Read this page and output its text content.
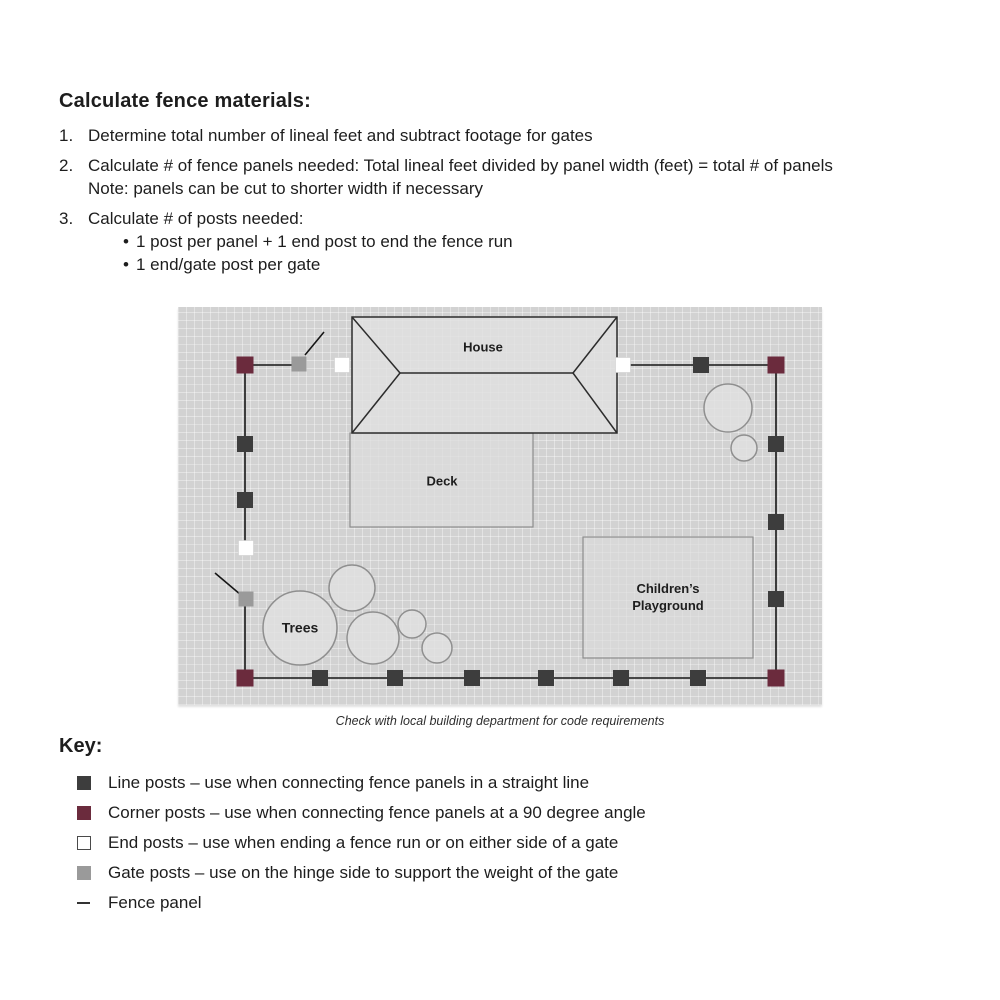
Calculate fence materials:
1. Determine total number of lineal feet and subtract footage for gates
2. Calculate # of fence panels needed: Total lineal feet divided by panel width (feet) = total # of panels
Note: panels can be cut to shorter width if necessary
3. Calculate # of posts needed:
• 1 post per panel + 1 end post to end the fence run
• 1 end/gate post per gate
House
Deck
Trees
Children’s
Playground
Check with local building department for code requirements
Key:
Line posts – use when connecting fence panels in a straight line
Corner posts – use when connecting fence panels at a 90 degree angle
End posts – use when ending a fence run or on either side of a gate
Gate posts – use on the hinge side to support the weight of the gate
Fence panel
